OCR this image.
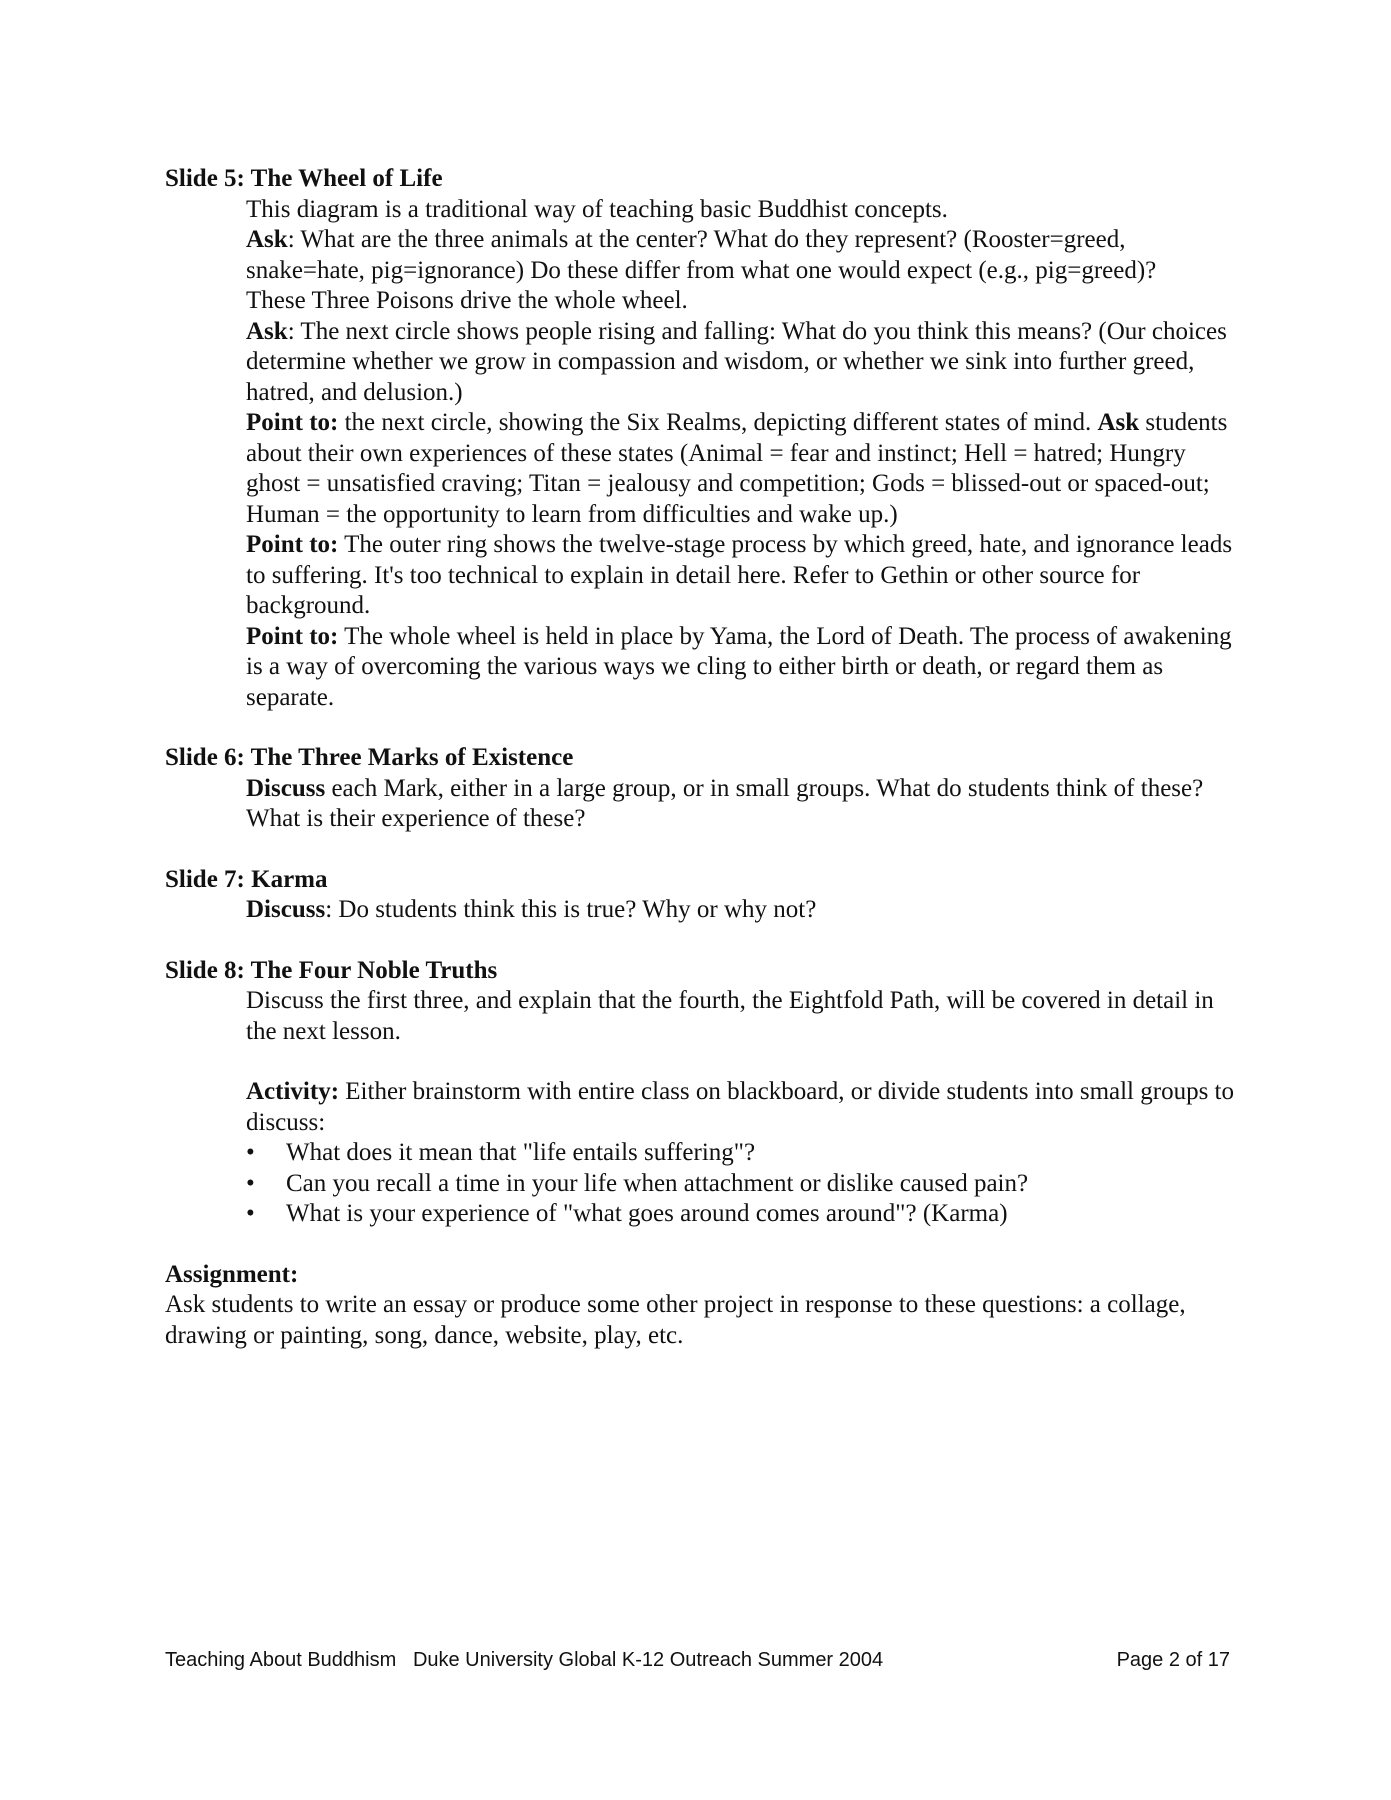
Slide 5: The Wheel of Life

This diagram is a traditional way of teaching basic Buddhist concepts.

Ask: What are the three animals at the center? What do they represent? (Rooster=greed, snake=hate, pig=ignorance) Do these differ from what one would expect (e.g., pig=greed)?

These Three Poisons drive the whole wheel.

Ask: The next circle shows people rising and falling: What do you think this means? (Our choices determine whether we grow in compassion and wisdom, or whether we sink into further greed, hatred, and delusion.)

Point to: the next circle, showing the Six Realms, depicting different states of mind. Ask students about their own experiences of these states (Animal = fear and instinct; Hell = hatred; Hungry ghost = unsatisfied craving; Titan = jealousy and competition; Gods = blissed-out or spaced-out; Human = the opportunity to learn from difficulties and wake up.)

Point to: The outer ring shows the twelve-stage process by which greed, hate, and ignorance leads to suffering. It's too technical to explain in detail here. Refer to Gethin or other source for background.

Point to: The whole wheel is held in place by Yama, the Lord of Death. The process of awakening is a way of overcoming the various ways we cling to either birth or death, or regard them as separate.

Slide 6: The Three Marks of Existence

Discuss each Mark, either in a large group, or in small groups. What do students think of these? What is their experience of these?

Slide 7: Karma

Discuss: Do students think this is true? Why or why not?

Slide 8: The Four Noble Truths

Discuss the first three, and explain that the fourth, the Eightfold Path, will be covered in detail in the next lesson.

Activity: Either brainstorm with entire class on blackboard, or divide students into small groups to discuss:

•	What does it mean that "life entails suffering"?
•	Can you recall a time in your life when attachment or dislike caused pain?
•	What is your experience of "what goes around comes around"? (Karma)

Assignment:

Ask students to write an essay or produce some other project in response to these questions: a collage, drawing or painting, song, dance, website, play, etc.

Teaching About Buddhism   Duke University Global K-12 Outreach Summer 2004

	Page 2 of 17
